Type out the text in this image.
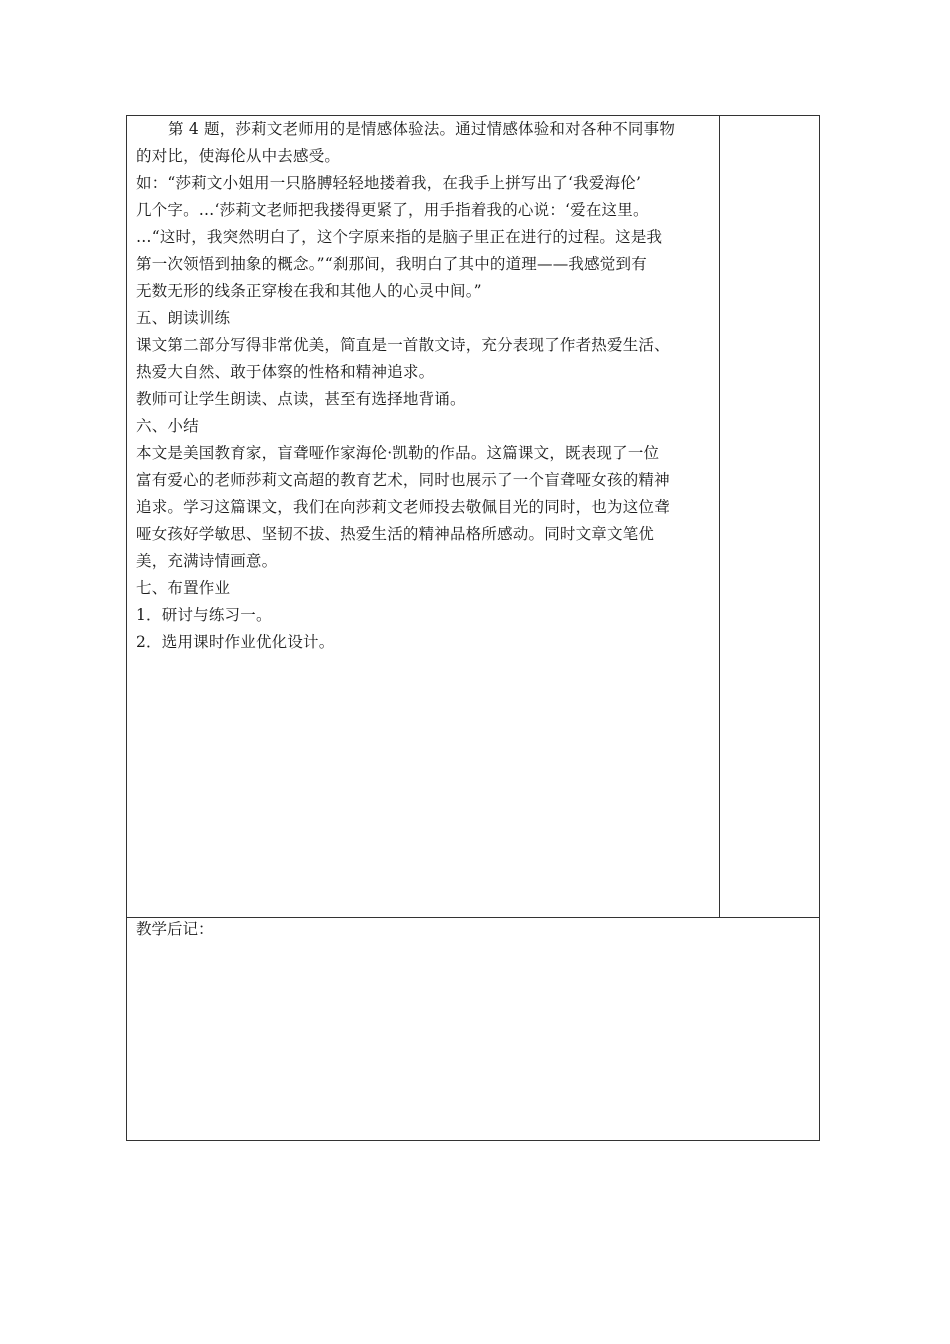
第 4 题，莎莉文老师用的是情感体验法。通过情感体验和对各种不同事物
的对比，使海伦从中去感受。
如：“莎莉文小姐用一只胳膊轻轻地搂着我，在我手上拼写出了‘我爱海伦’
几个字。…‘莎莉文老师把我搂得更紧了，用手指着我的心说：‘爱在这里。
…“这时，我突然明白了，这个字原来指的是脑子里正在进行的过程。这是我
第一次领悟到抽象的概念。”“刹那间，我明白了其中的道理——我感觉到有
无数无形的线条正穿梭在我和其他人的心灵中间。”
五、朗读训练
课文第二部分写得非常优美，简直是一首散文诗，充分表现了作者热爱生活、
热爱大自然、敢于体察的性格和精神追求。
教师可让学生朗读、点读，甚至有选择地背诵。
六、小结
本文是美国教育家，盲聋哑作家海伦·凯勒的作品。这篇课文，既表现了一位
富有爱心的老师莎莉文高超的教育艺术，同时也展示了一个盲聋哑女孩的精神
追求。学习这篇课文，我们在向莎莉文老师投去敬佩目光的同时，也为这位聋
哑女孩好学敏思、坚韧不拔、热爱生活的精神品格所感动。同时文章文笔优
美，充满诗情画意。
七、布置作业
1．研讨与练习一。
2．选用课时作业优化设计。
教学后记：
